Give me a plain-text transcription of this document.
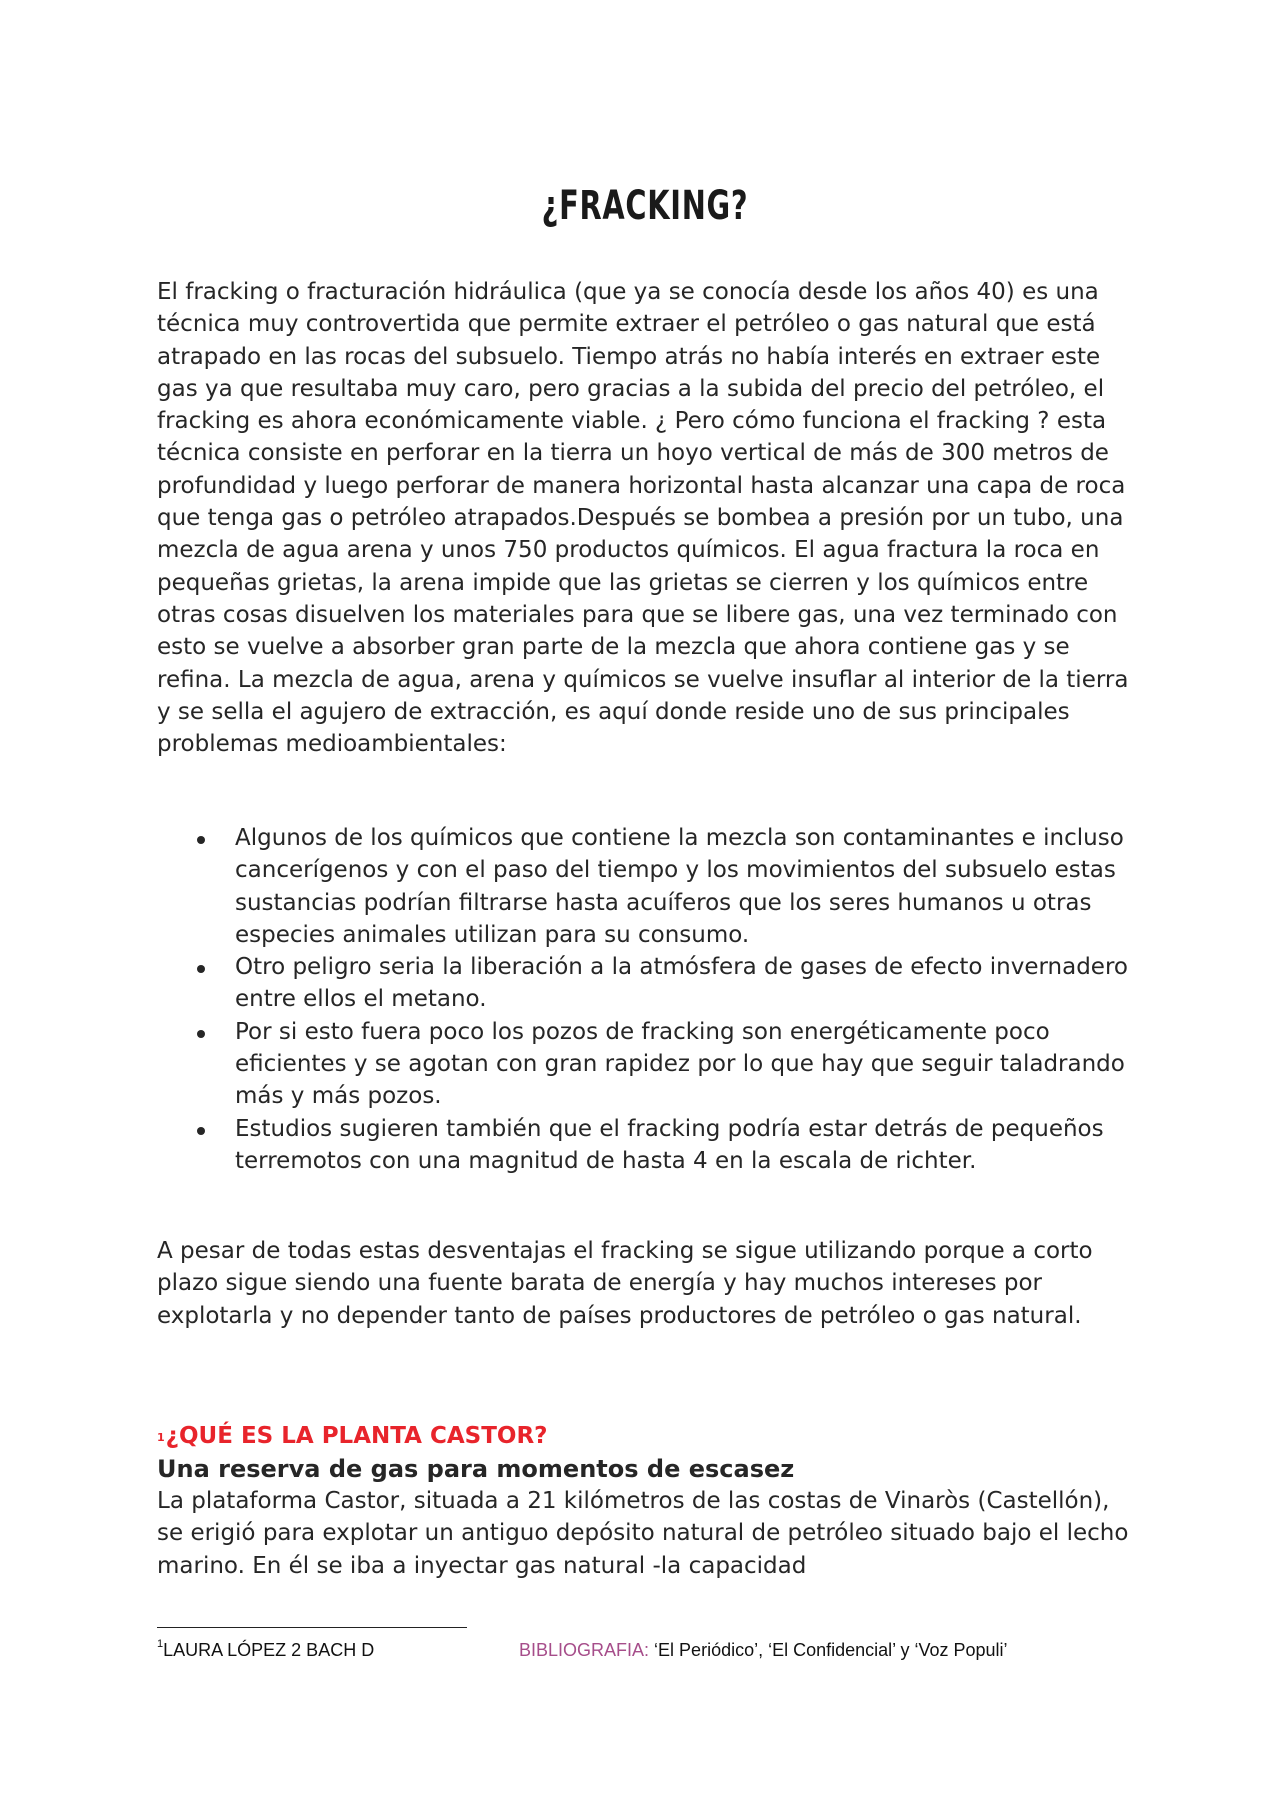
¿FRACKING?

El fracking o fracturación hidráulica (que ya se conocía desde los años 40) es una técnica muy controvertida que permite extraer el petróleo o gas natural que está atrapado en las rocas del subsuelo. Tiempo atrás no había interés en extraer este gas ya que resultaba muy caro, pero gracias a la subida del precio del petróleo, el fracking es ahora económicamente viable. ¿ Pero cómo funciona el fracking ? esta técnica consiste en perforar en la tierra un hoyo vertical de más de 300 metros de profundidad y luego perforar de manera horizontal hasta alcanzar una capa de roca que tenga gas o petróleo atrapados.Después se bombea a presión por un tubo, una mezcla de agua arena y unos 750 productos químicos. El agua fractura la roca en pequeñas grietas, la arena impide que las grietas se cierren y los químicos entre otras cosas disuelven los materiales para que se libere gas, una vez terminado con esto se vuelve a absorber gran parte de la mezcla que ahora contiene gas y se refina. La mezcla de agua, arena y químicos se vuelve insuflar al interior de la tierra y se sella el agujero de extracción, es aquí donde reside uno de sus principales problemas medioambientales:

Algunos de los químicos que contiene la mezcla son contaminantes e incluso cancerígenos y con el paso del tiempo y los movimientos del subsuelo estas sustancias podrían filtrarse hasta acuíferos que los seres humanos u otras especies animales utilizan para su consumo.
Otro peligro seria la liberación a la atmósfera de gases de efecto invernadero entre ellos el metano.
Por si esto fuera poco los pozos de fracking son energéticamente poco eficientes y se agotan con gran rapidez por lo que hay que seguir taladrando más y más pozos.
Estudios sugieren también que el fracking podría estar detrás de pequeños terremotos con una magnitud de hasta 4 en la escala de richter.

A pesar de todas estas desventajas el fracking se sigue utilizando porque a corto plazo sigue siendo una fuente barata de energía y hay muchos intereses por explotarla y no depender tanto de países productores de petróleo o gas natural.

$^1$¿QUÉ ES LA PLANTA CASTOR?
Una reserva de gas para momentos de escasez

La plataforma Castor, situada a 21 kilómetros de las costas de Vinaròs (Castellón), se erigió para explotar un antiguo depósito natural de petróleo situado bajo el lecho marino. En él se iba a inyectar gas natural -la capacidad

$^1$LAURA LÓPEZ 2 BACH D	BIBLIOGRAFIA: ‘El Periódico’, ‘El Confidencial’ y ‘Voz Populi’
